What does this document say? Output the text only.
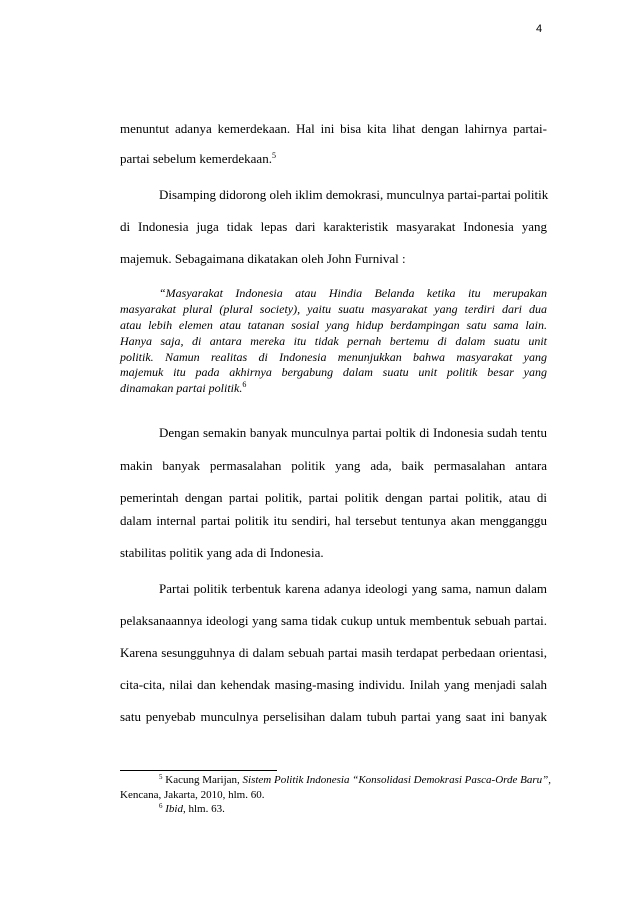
4
menuntut adanya kemerdekaan. Hal ini bisa kita lihat dengan lahirnya partai-
partai sebelum kemerdekaan.$^5$
Disamping didorong oleh iklim demokrasi, munculnya partai-partai politik
di Indonesia juga tidak lepas dari karakteristik masyarakat Indonesia yang
majemuk. Sebagaimana dikatakan oleh John Furnival :
“Masyarakat Indonesia atau Hindia Belanda ketika itu merupakan
masyarakat plural (plural society), yaitu suatu masyarakat yang terdiri dari dua
atau lebih elemen atau tatanan sosial yang hidup berdampingan satu sama lain.
Hanya saja, di antara mereka itu tidak pernah bertemu di dalam suatu unit
politik. Namun realitas di Indonesia menunjukkan bahwa masyarakat yang
majemuk itu pada akhirnya bergabung dalam suatu unit politik besar yang
dinamakan partai politik.$^6$
Dengan semakin banyak munculnya partai poltik di Indonesia sudah tentu
makin banyak permasalahan politik yang ada, baik permasalahan antara
pemerintah dengan partai politik, partai politik dengan partai politik, atau di
dalam internal partai politik itu sendiri, hal tersebut tentunya akan mengganggu
stabilitas politik yang ada di Indonesia.
Partai politik terbentuk karena adanya ideologi yang sama, namun dalam
pelaksanaannya ideologi yang sama tidak cukup untuk membentuk sebuah partai.
Karena sesungguhnya di dalam sebuah partai masih terdapat perbedaan orientasi,
cita-cita, nilai dan kehendak masing-masing individu. Inilah yang menjadi salah
satu penyebab munculnya perselisihan dalam tubuh partai yang saat ini banyak
$^5$ Kacung Marijan, Sistem Politik Indonesia “Konsolidasi Demokrasi Pasca-Orde Baru”,
Kencana, Jakarta, 2010, hlm. 60.
$^6$ Ibid, hlm. 63.
